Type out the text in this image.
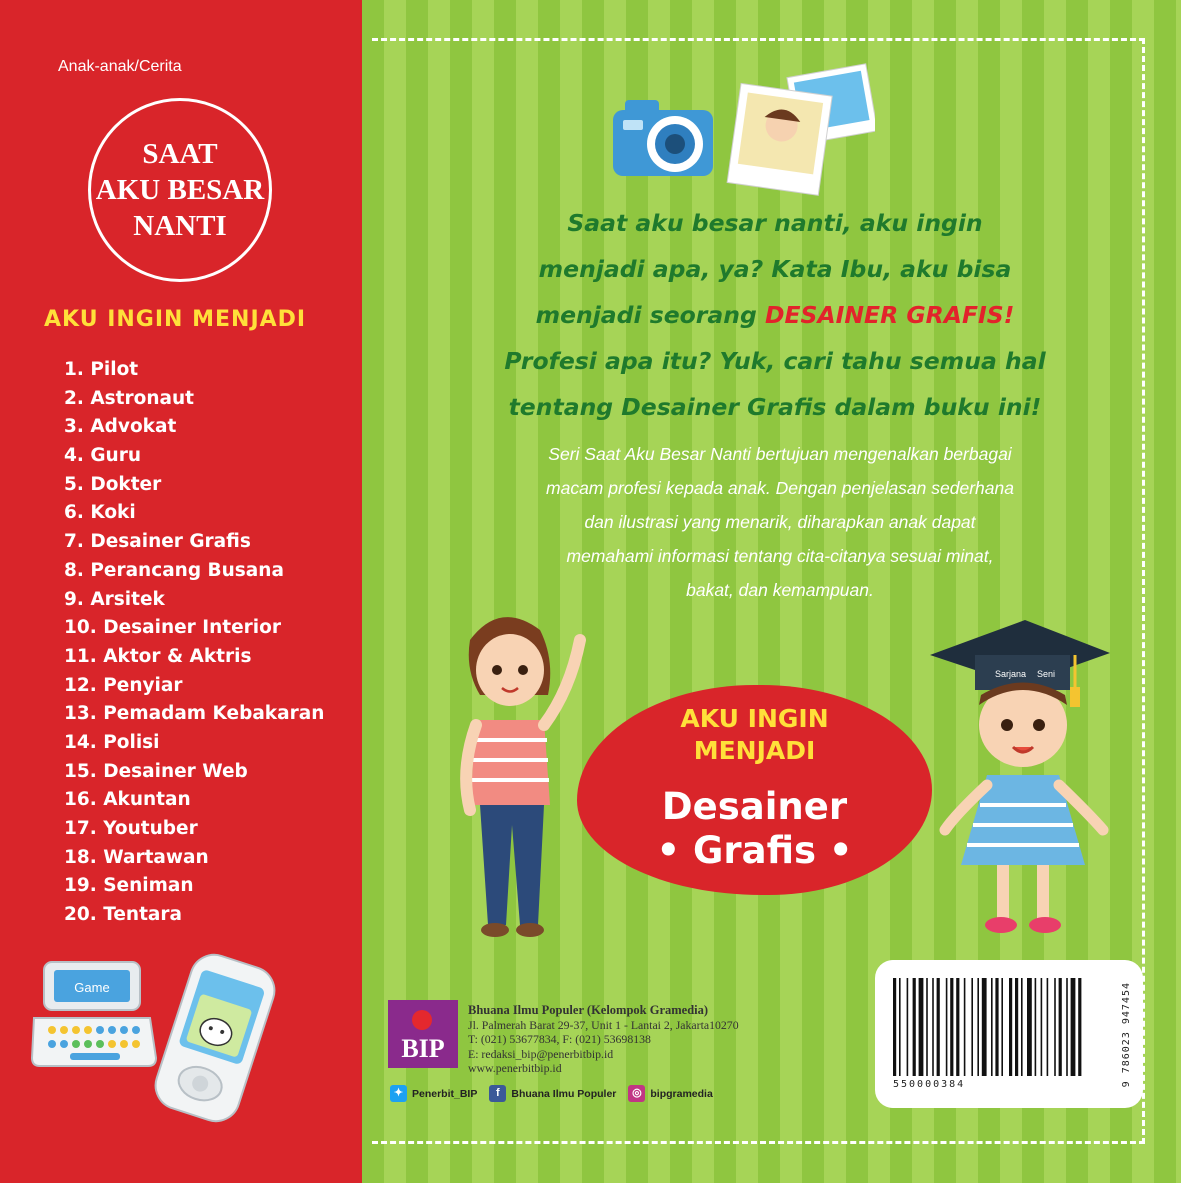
Anak-anak/Cerita
SAAT
AKU BESAR
NANTI
AKU INGIN MENJADI
1. Pilot
2. Astronaut
3. Advokat
4. Guru
5. Dokter
6. Koki
7. Desainer Grafis
8. Perancang Busana
9. Arsitek
10. Desainer Interior
11. Aktor & Aktris
12. Penyiar
13. Pemadam Kebakaran
14. Polisi
15. Desainer Web
16. Akuntan
17. Youtuber
18. Wartawan
19. Seniman
20. Tentara
Game
Saat aku besar nanti, aku ingin
menjadi apa, ya? Kata Ibu, aku bisa
menjadi seorang DESAINER GRAFIS!
Profesi apa itu? Yuk, cari tahu semua hal
tentang Desainer Grafis dalam buku ini!
Seri Saat Aku Besar Nanti bertujuan mengenalkan berbagai
macam profesi kepada anak. Dengan penjelasan sederhana
dan ilustrasi yang menarik, diharapkan anak dapat
memahami informasi tentang cita-citanya sesuai minat,
bakat, dan kemampuan.
Sarjana Seni
AKU INGIN
MENJADI
Desainer
• Grafis •
BIP
Bhuana Ilmu Populer (Kelompok Gramedia)
Jl. Palmerah Barat 29-37, Unit 1 - Lantai 2, Jakarta10270
T: (021) 53677834, F: (021) 53698138
E: redaksi_bip@penerbitbip.id
www.penerbitbip.id
✦ Penerbit_BIP	f	Bhuana Ilmu Populer	◎ bipgramedia
550000384	9 786023 947454
